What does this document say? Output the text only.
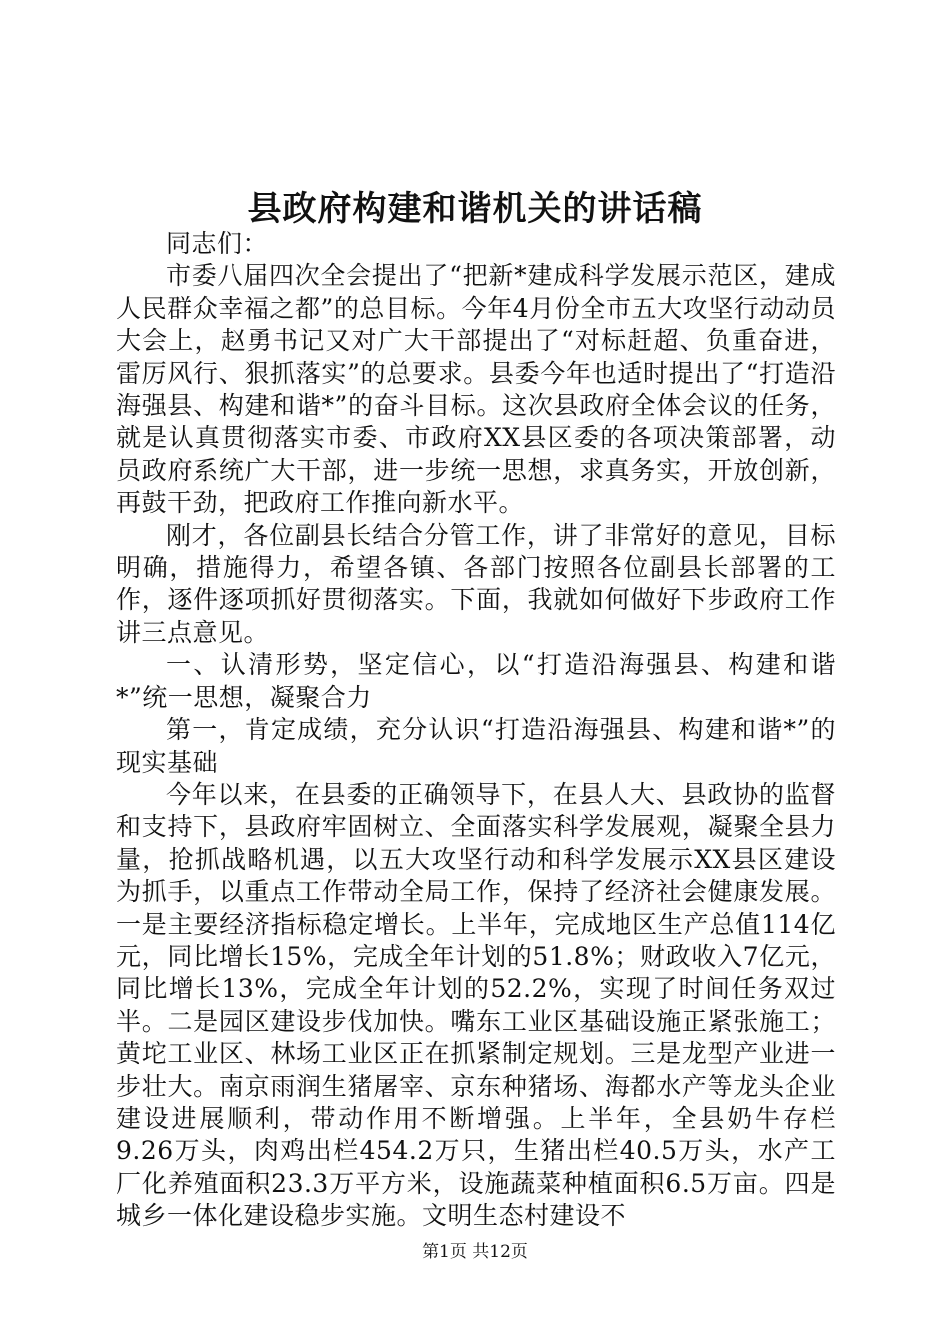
县政府构建和谐机关的讲话稿

同志们：

市委八届四次全会提出了“把新*建成科学发展示范区，建成人民群众幸福之都”的总目标。今年4月份全市五大攻坚行动动员大会上，赵勇书记又对广大干部提出了“对标赶超、负重奋进，雷厉风行、狠抓落实”的总要求。县委今年也适时提出了“打造沿海强县、构建和谐*”的奋斗目标。这次县政府全体会议的任务，就是认真贯彻落实市委、市政府XX县区委的各项决策部署，动员政府系统广大干部，进一步统一思想，求真务实，开放创新，再鼓干劲，把政府工作推向新水平。

刚才，各位副县长结合分管工作，讲了非常好的意见，目标明确，措施得力，希望各镇、各部门按照各位副县长部署的工作，逐件逐项抓好贯彻落实。下面，我就如何做好下步政府工作讲三点意见。

一、认清形势，坚定信心，以“打造沿海强县、构建和谐*”统一思想，凝聚合力

第一，肯定成绩，充分认识“打造沿海强县、构建和谐*”的现实基础

今年以来，在县委的正确领导下，在县人大、县政协的监督和支持下，县政府牢固树立、全面落实科学发展观，凝聚全县力量，抢抓战略机遇，以五大攻坚行动和科学发展示XX县区建设为抓手，以重点工作带动全局工作，保持了经济社会健康发展。一是主要经济指标稳定增长。上半年，完成地区生产总值114亿元，同比增长15%，完成全年计划的51.8%；财政收入7亿元，同比增长13%，完成全年计划的52.2%，实现了时间任务双过半。二是园区建设步伐加快。嘴东工业区基础设施正紧张施工；黄坨工业区、林场工业区正在抓紧制定规划。三是龙型产业进一步壮大。南京雨润生猪屠宰、京东种猪场、海都水产等龙头企业建设进展顺利，带动作用不断增强。上半年，全县奶牛存栏9.26万头，肉鸡出栏454.2万只，生猪出栏40.5万头，水产工厂化养殖面积23.3万平方米，设施蔬菜种植面积6.5万亩。四是城乡一体化建设稳步实施。文明生态村建设不

第1页 共12页
